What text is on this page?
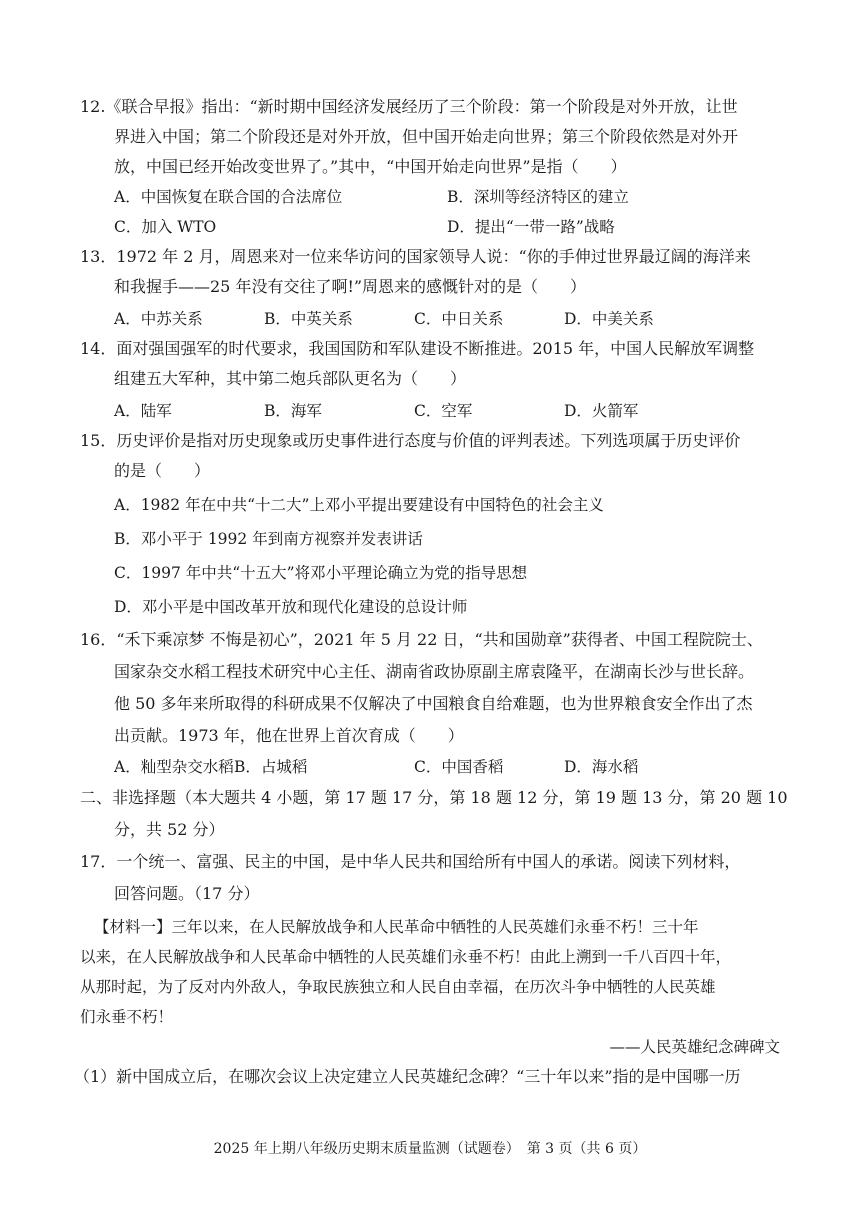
12.《联合早报》指出：“新时期中国经济发展经历了三个阶段：第一个阶段是对外开放，让世
界进入中国；第二个阶段还是对外开放，但中国开始走向世界；第三个阶段依然是对外开
放，中国已经开始改变世界了。”其中，“中国开始走向世界”是指（　　）
A．中国恢复在联合国的合法席位	B．深圳等经济特区的建立
C．加入 WTO	D．提出“一带一路”战略
13．1972 年 2 月，周恩来对一位来华访问的国家领导人说：“你的手伸过世界最辽阔的海洋来
和我握手——25 年没有交往了啊!”周恩来的感慨针对的是（　　）
A．中苏关系	B．中英关系	C．中日关系	D．中美关系
14．面对强国强军的时代要求，我国国防和军队建设不断推进。2015 年，中国人民解放军调整
组建五大军种，其中第二炮兵部队更名为（　　）
A．陆军	B．海军	C．空军	D．火箭军
15．历史评价是指对历史现象或历史事件进行态度与价值的评判表述。下列选项属于历史评价
的是（　　）
A．1982 年在中共“十二大”上邓小平提出要建设有中国特色的社会主义
B．邓小平于 1992 年到南方视察并发表讲话
C．1997 年中共“十五大”将邓小平理论确立为党的指导思想
D．邓小平是中国改革开放和现代化建设的总设计师
16．“禾下乘凉梦 不悔是初心”，2021 年 5 月 22 日，“共和国勋章”获得者、中国工程院院士、
国家杂交水稻工程技术研究中心主任、湖南省政协原副主席袁隆平，在湖南长沙与世长辞。
他 50 多年来所取得的科研成果不仅解决了中国粮食自给难题，也为世界粮食安全作出了杰
出贡献。1973 年，他在世界上首次育成（　　）
A．籼型杂交水稻 B．占城稻	C．中国香稻	D．海水稻
二、非选择题（本大题共 4 小题，第 17 题 17 分，第 18 题 12 分，第 19 题 13 分，第 20 题 10
分，共 52 分）
17．一个统一、富强、民主的中国，是中华人民共和国给所有中国人的承诺。阅读下列材料，
回答问题。（17 分）
【材料一】三年以来，在人民解放战争和人民革命中牺牲的人民英雄们永垂不朽！三十年
以来，在人民解放战争和人民革命中牺牲的人民英雄们永垂不朽！由此上溯到一千八百四十年，
从那时起，为了反对内外敌人，争取民族独立和人民自由幸福，在历次斗争中牺牲的人民英雄
们永垂不朽！
——人民英雄纪念碑碑文
（1）新中国成立后，在哪次会议上决定建立人民英雄纪念碑？“三十年以来”指的是中国哪一历
2025 年上期八年级历史期末质量监测（试题卷）　第 3 页（共 6 页）
